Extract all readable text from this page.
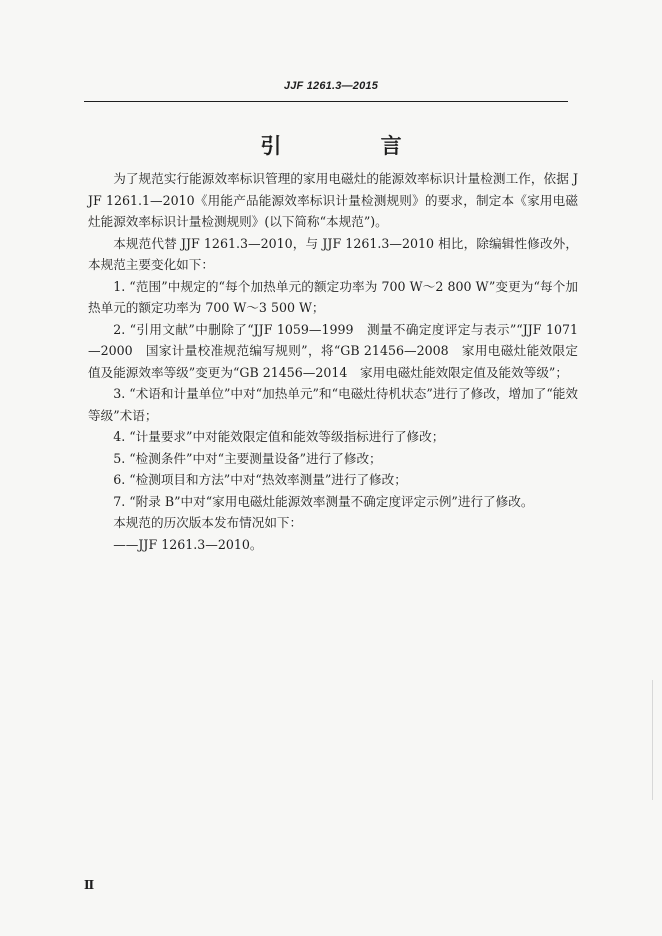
JJF 1261.3—2015
引 言

为了规范实行能源效率标识管理的家用电磁灶的能源效率标识计量检测工作，依据 JJF 1261.1—2010《用能产品能源效率标识计量检测规则》的要求，制定本《家用电磁灶能源效率标识计量检测规则》(以下简称“本规范”)。

本规范代替 JJF 1261.3—2010，与 JJF 1261.3—2010 相比，除编辑性修改外，本规范主要变化如下：

1. “范围”中规定的“每个加热单元的额定功率为 700 W～2 800 W”变更为“每个加热单元的额定功率为 700 W～3 500 W；

2. “引用文献”中删除了“JJF 1059—1999　测量不确定度评定与表示”“JJF 1071—2000　国家计量校准规范编写规则”，将“GB 21456—2008　家用电磁灶能效限定值及能源效率等级”变更为“GB 21456—2014　家用电磁灶能效限定值及能效等级”；

3. “术语和计量单位”中对“加热单元”和“电磁灶待机状态”进行了修改，增加了“能效等级”术语；

4. “计量要求”中对能效限定值和能效等级指标进行了修改；

5. “检测条件”中对“主要测量设备”进行了修改；

6. “检测项目和方法”中对“热效率测量”进行了修改；

7. “附录 B”中对“家用电磁灶能源效率测量不确定度评定示例”进行了修改。

本规范的历次版本发布情况如下：

——JJF 1261.3—2010。

Ⅱ
